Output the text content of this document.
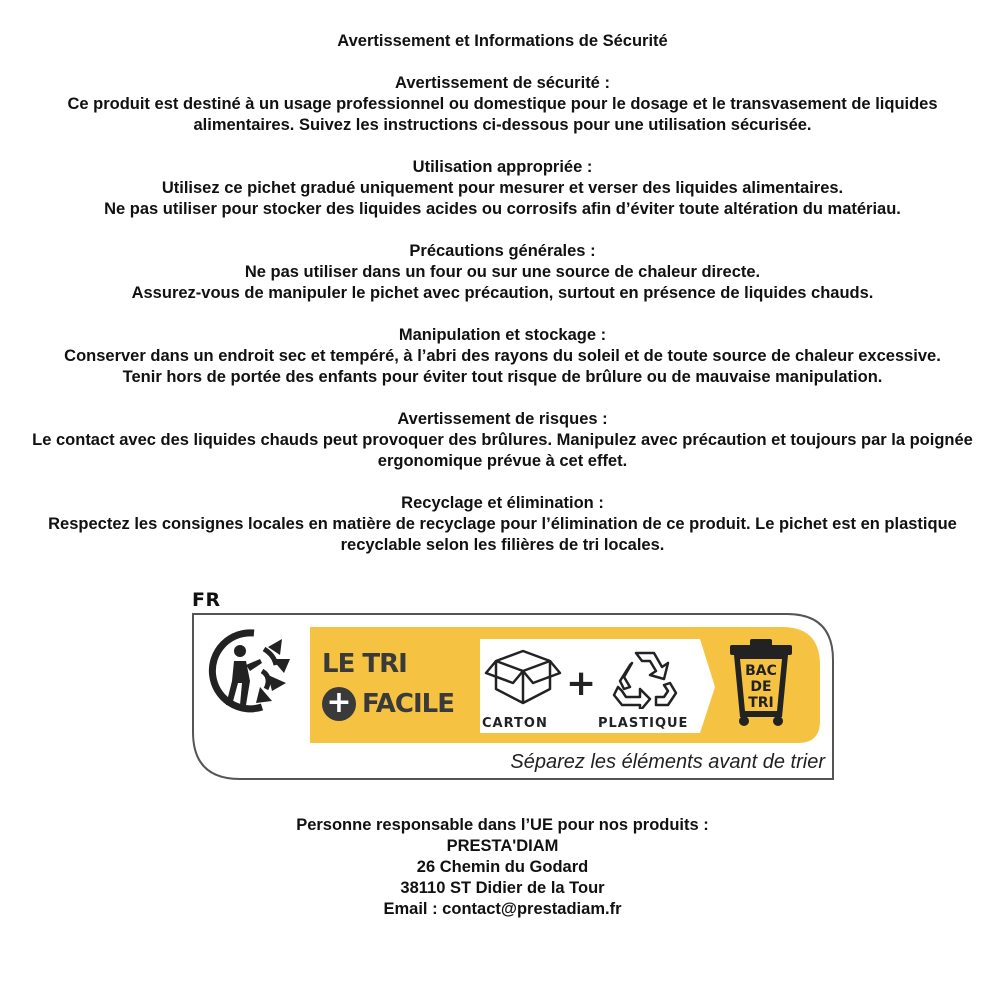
Avertissement et Informations de Sécurité

Avertissement de sécurité :

Ce produit est destiné à un usage professionnel ou domestique pour le dosage et le transvasement de liquides alimentaires. Suivez les instructions ci-dessous pour une utilisation sécurisée.

Utilisation appropriée :

Utilisez ce pichet gradué uniquement pour mesurer et verser des liquides alimentaires.

Ne pas utiliser pour stocker des liquides acides ou corrosifs afin d’éviter toute altération du matériau.

Précautions générales :

Ne pas utiliser dans un four ou sur une source de chaleur directe.

Assurez-vous de manipuler le pichet avec précaution, surtout en présence de liquides chauds.

Manipulation et stockage :

Conserver dans un endroit sec et tempéré, à l’abri des rayons du soleil et de toute source de chaleur excessive.

Tenir hors de portée des enfants pour éviter tout risque de brûlure ou de mauvaise manipulation.

Avertissement de risques :

Le contact avec des liquides chauds peut provoquer des brûlures. Manipulez avec précaution et toujours par la poignée ergonomique prévue à cet effet.

Recyclage et élimination :

Respectez les consignes locales en matière de recyclage pour l’élimination de ce produit. Le pichet est en plastique recyclable selon les filières de tri locales.

FR
LE TRI
+ FACILE
CARTON
+
PLASTIQUE
BAC
DE
TRI
Séparez les éléments avant de trier

Personne responsable dans l’UE pour nos produits :

PRESTA'DIAM

26 Chemin du Godard

38110 ST Didier de la Tour

Email : contact@prestadiam.fr
